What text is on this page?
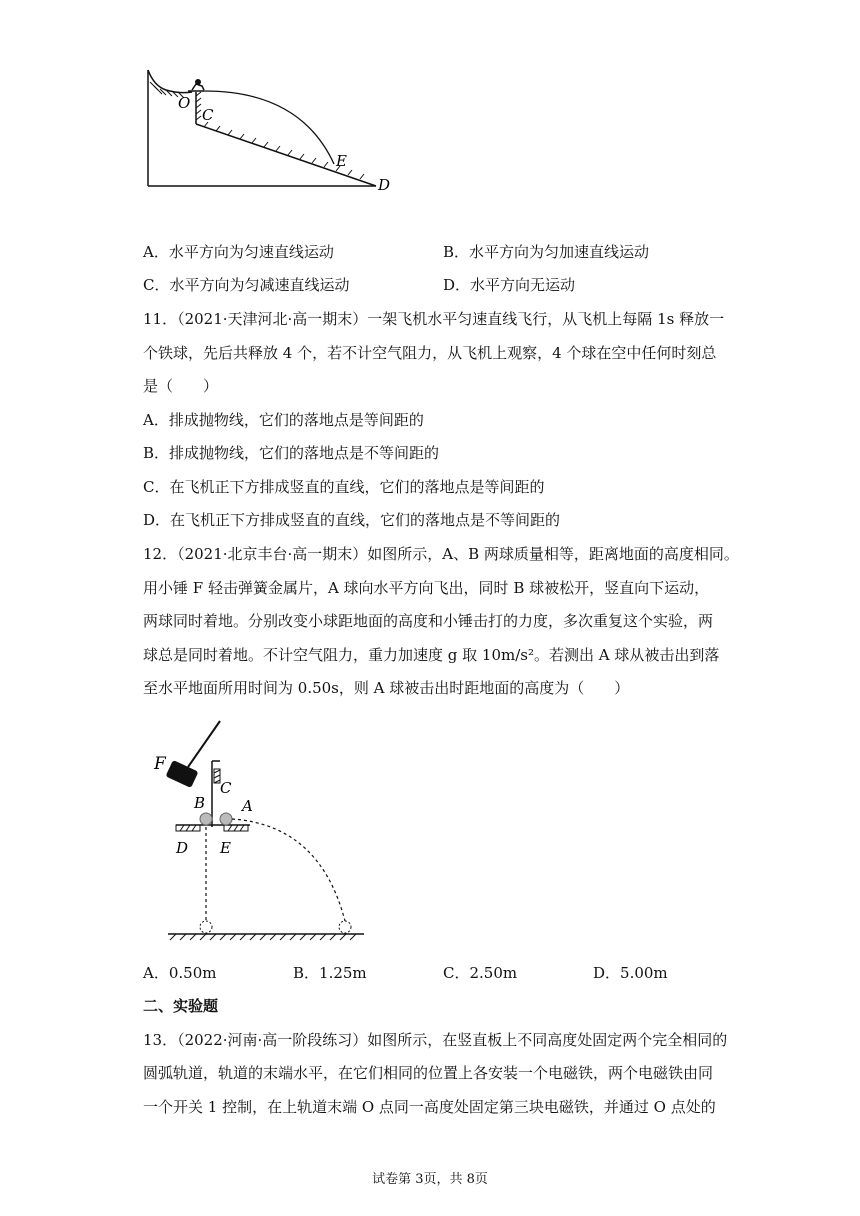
O
C
E
D
A．水平方向为匀速直线运动	B．水平方向为匀加速直线运动
C．水平方向为匀减速直线运动	D．水平方向无运动
11．（2021·天津河北·高一期末）一架飞机水平匀速直线飞行，从飞机上每隔 1s 释放一
个铁球，先后共释放 4 个，若不计空气阻力，从飞机上观察，4 个球在空中任何时刻总
是（　　）
A．排成抛物线，它们的落地点是等间距的
B．排成抛物线，它们的落地点是不等间距的
C．在飞机正下方排成竖直的直线，它们的落地点是等间距的
D．在飞机正下方排成竖直的直线，它们的落地点是不等间距的
12．（2021·北京丰台·高一期末）如图所示，A、B 两球质量相等，距离地面的高度相同。
用小锤 F 轻击弹簧金属片，A 球向水平方向飞出，同时 B 球被松开，竖直向下运动，
两球同时着地。分别改变小球距地面的高度和小锤击打的力度，多次重复这个实验，两
球总是同时着地。不计空气阻力，重力加速度 g 取 10m/s²。若测出 A 球从被击出到落
至水平地面所用时间为 0.50s，则 A 球被击出时距地面的高度为（　　）
F
C
B A
D E
A．0.50m	B．1.25m	C．2.50m	D．5.00m
二、实验题
13．（2022·河南·高一阶段练习）如图所示，在竖直板上不同高度处固定两个完全相同的
圆弧轨道，轨道的末端水平，在它们相同的位置上各安装一个电磁铁，两个电磁铁由同
一个开关 1 控制，在上轨道末端 O 点同一高度处固定第三块电磁铁，并通过 O 点处的
试卷第 3页，共 8页
